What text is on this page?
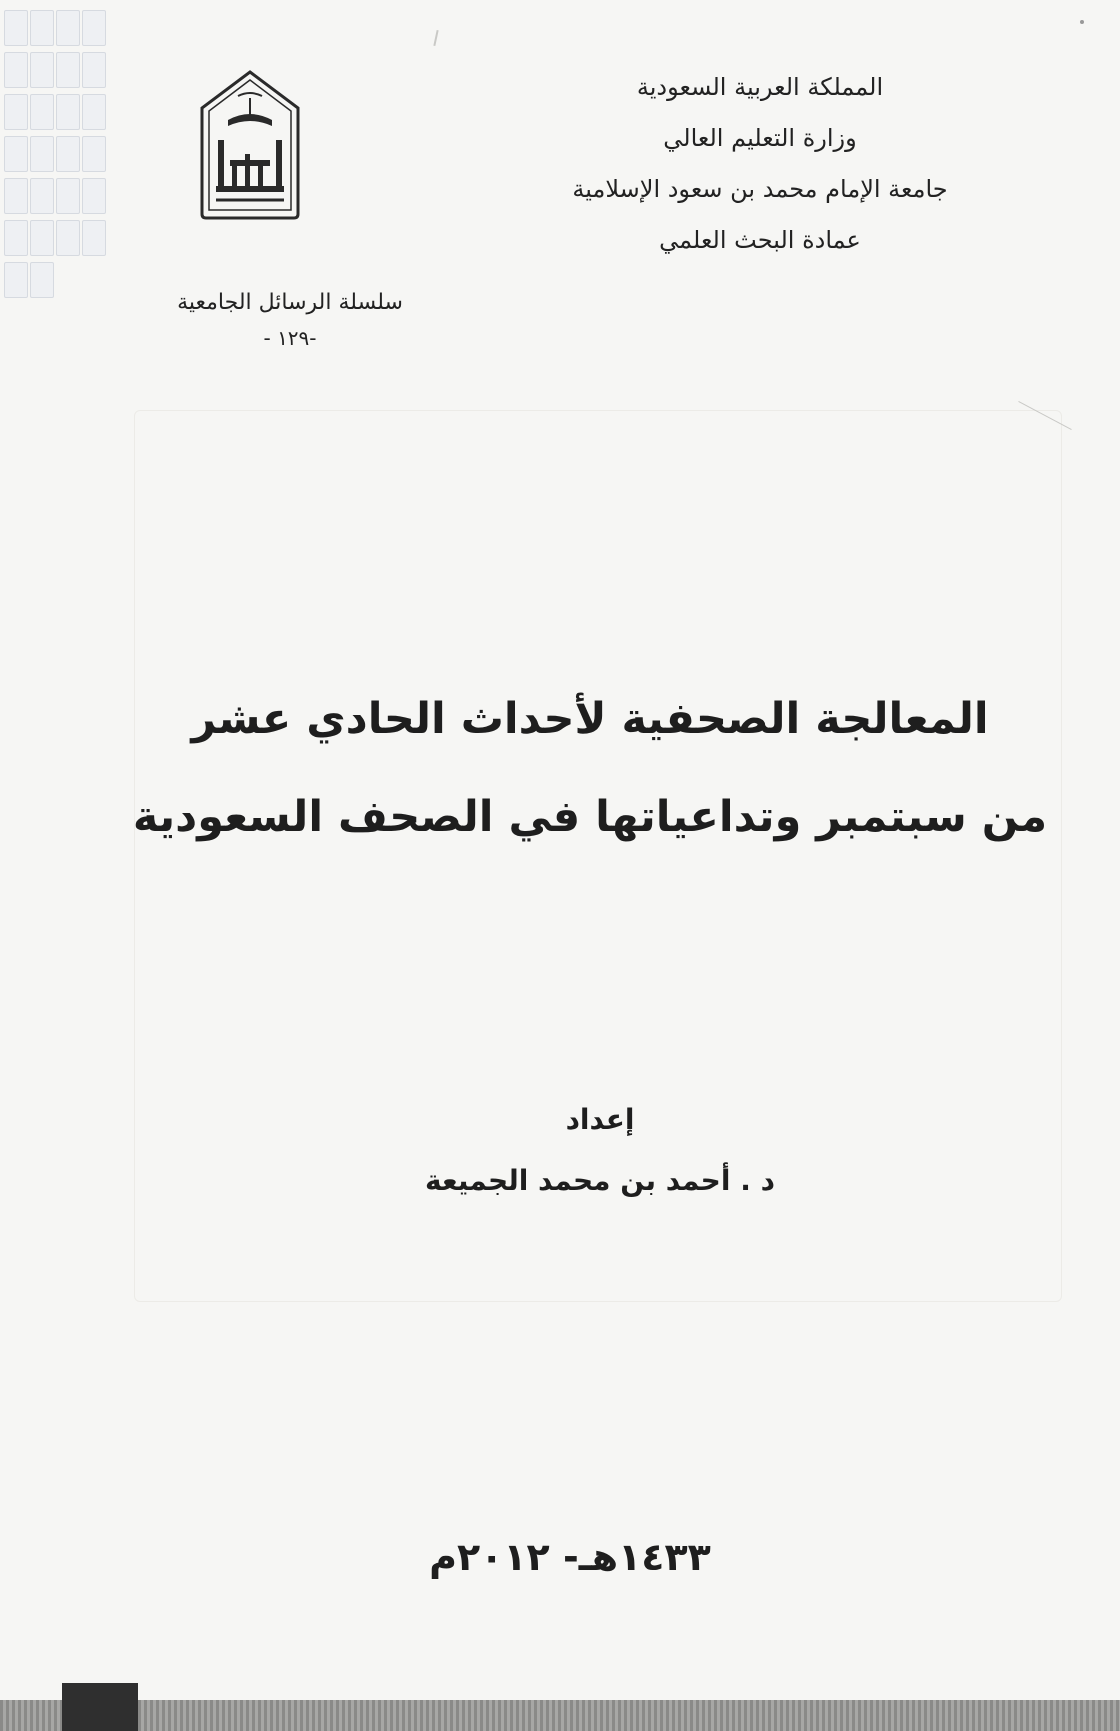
المملكة العربية السعودية
وزارة التعليم العالي
جامعة الإمام محمد بن سعود الإسلامية
عمادة البحث العلمي
سلسلة الرسائل الجامعية
-١٢٩ -
المعالجة الصحفية لأحداث الحادي عشر
من سبتمبر وتداعياتها في الصحف السعودية
إعداد
د . أحمد بن محمد الجميعة
١٤٣٣هـ- ٢٠١٢م
